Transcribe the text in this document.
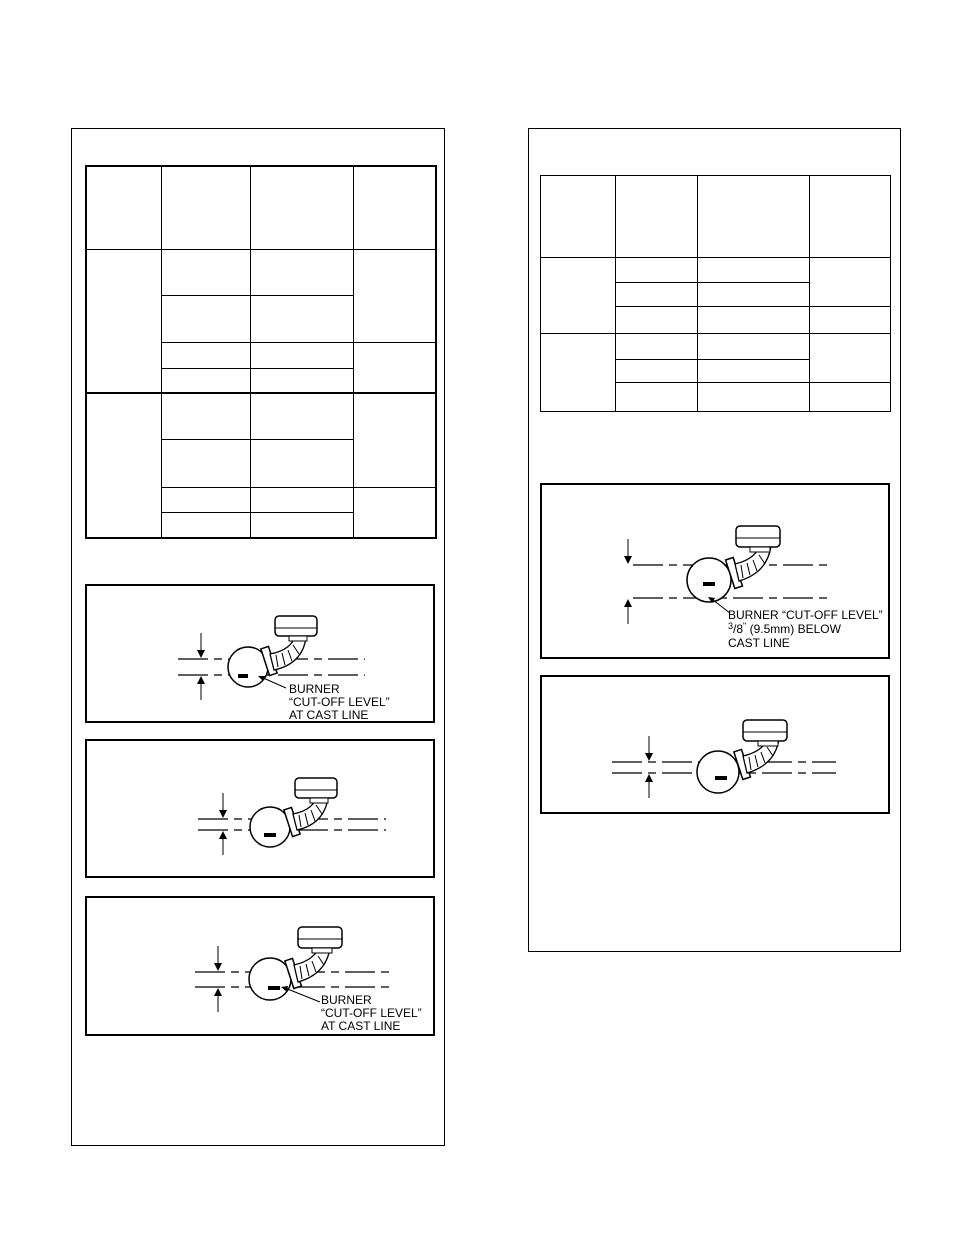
BURNER
“CUT-OFF LEVEL”
AT CAST LINE
BURNER
“CUT-OFF LEVEL”
AT CAST LINE

BURNER “CUT-OFF LEVEL”
$^3$/8" (9.5mm) BELOW
CAST LINE
